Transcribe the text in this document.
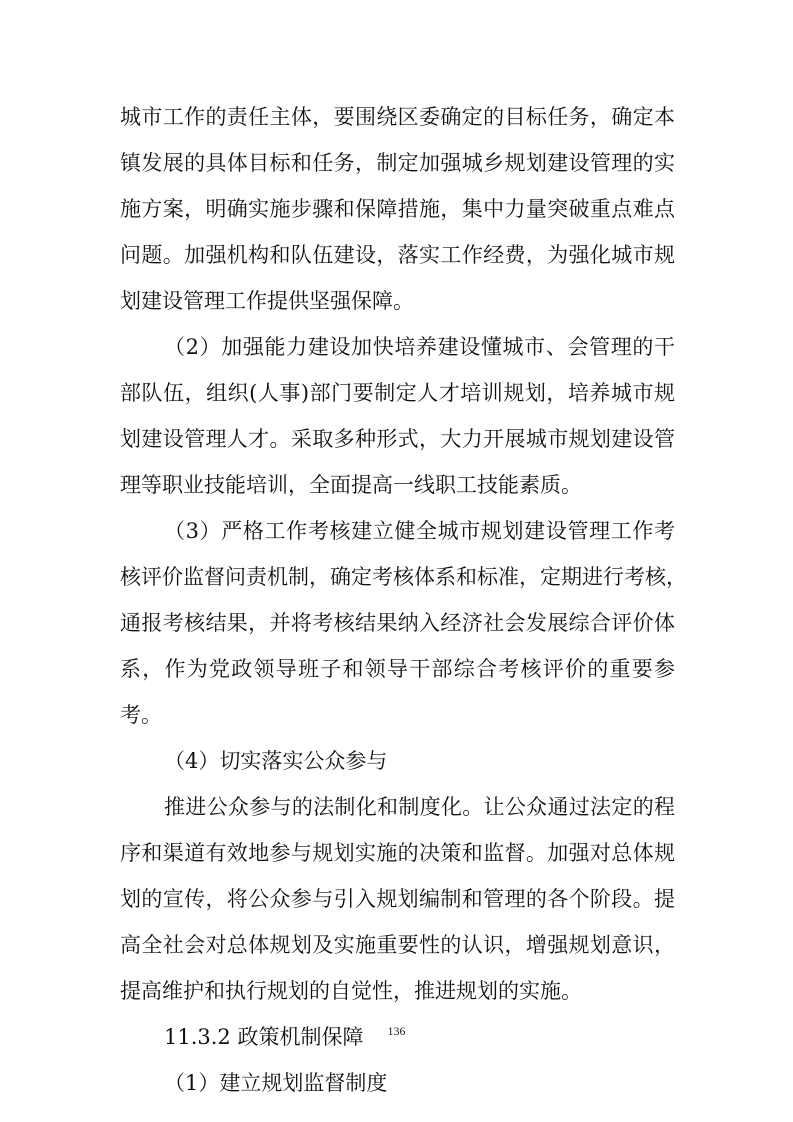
城市工作的责任主体，要围绕区委确定的目标任务，确定本
镇发展的具体目标和任务，制定加强城乡规划建设管理的实
施方案，明确实施步骤和保障措施，集中力量突破重点难点
问题。加强机构和队伍建设，落实工作经费，为强化城市规
划建设管理工作提供坚强保障。
（2）加强能力建设加快培养建设懂城市、会管理的干
部队伍，组织(人事)部门要制定人才培训规划，培养城市规
划建设管理人才。采取多种形式，大力开展城市规划建设管
理等职业技能培训，全面提高一线职工技能素质。
（3）严格工作考核建立健全城市规划建设管理工作考
核评价监督问责机制，确定考核体系和标准，定期进行考核，
通报考核结果，并将考核结果纳入经济社会发展综合评价体
系，作为党政领导班子和领导干部综合考核评价的重要参
考。
（4）切实落实公众参与
推进公众参与的法制化和制度化。让公众通过法定的程
序和渠道有效地参与规划实施的决策和监督。加强对总体规
划的宣传，将公众参与引入规划编制和管理的各个阶段。提
高全社会对总体规划及实施重要性的认识，增强规划意识，
提高维护和执行规划的自觉性，推进规划的实施。
11.3.2 政策机制保障
（1）建立规划监督制度
136
